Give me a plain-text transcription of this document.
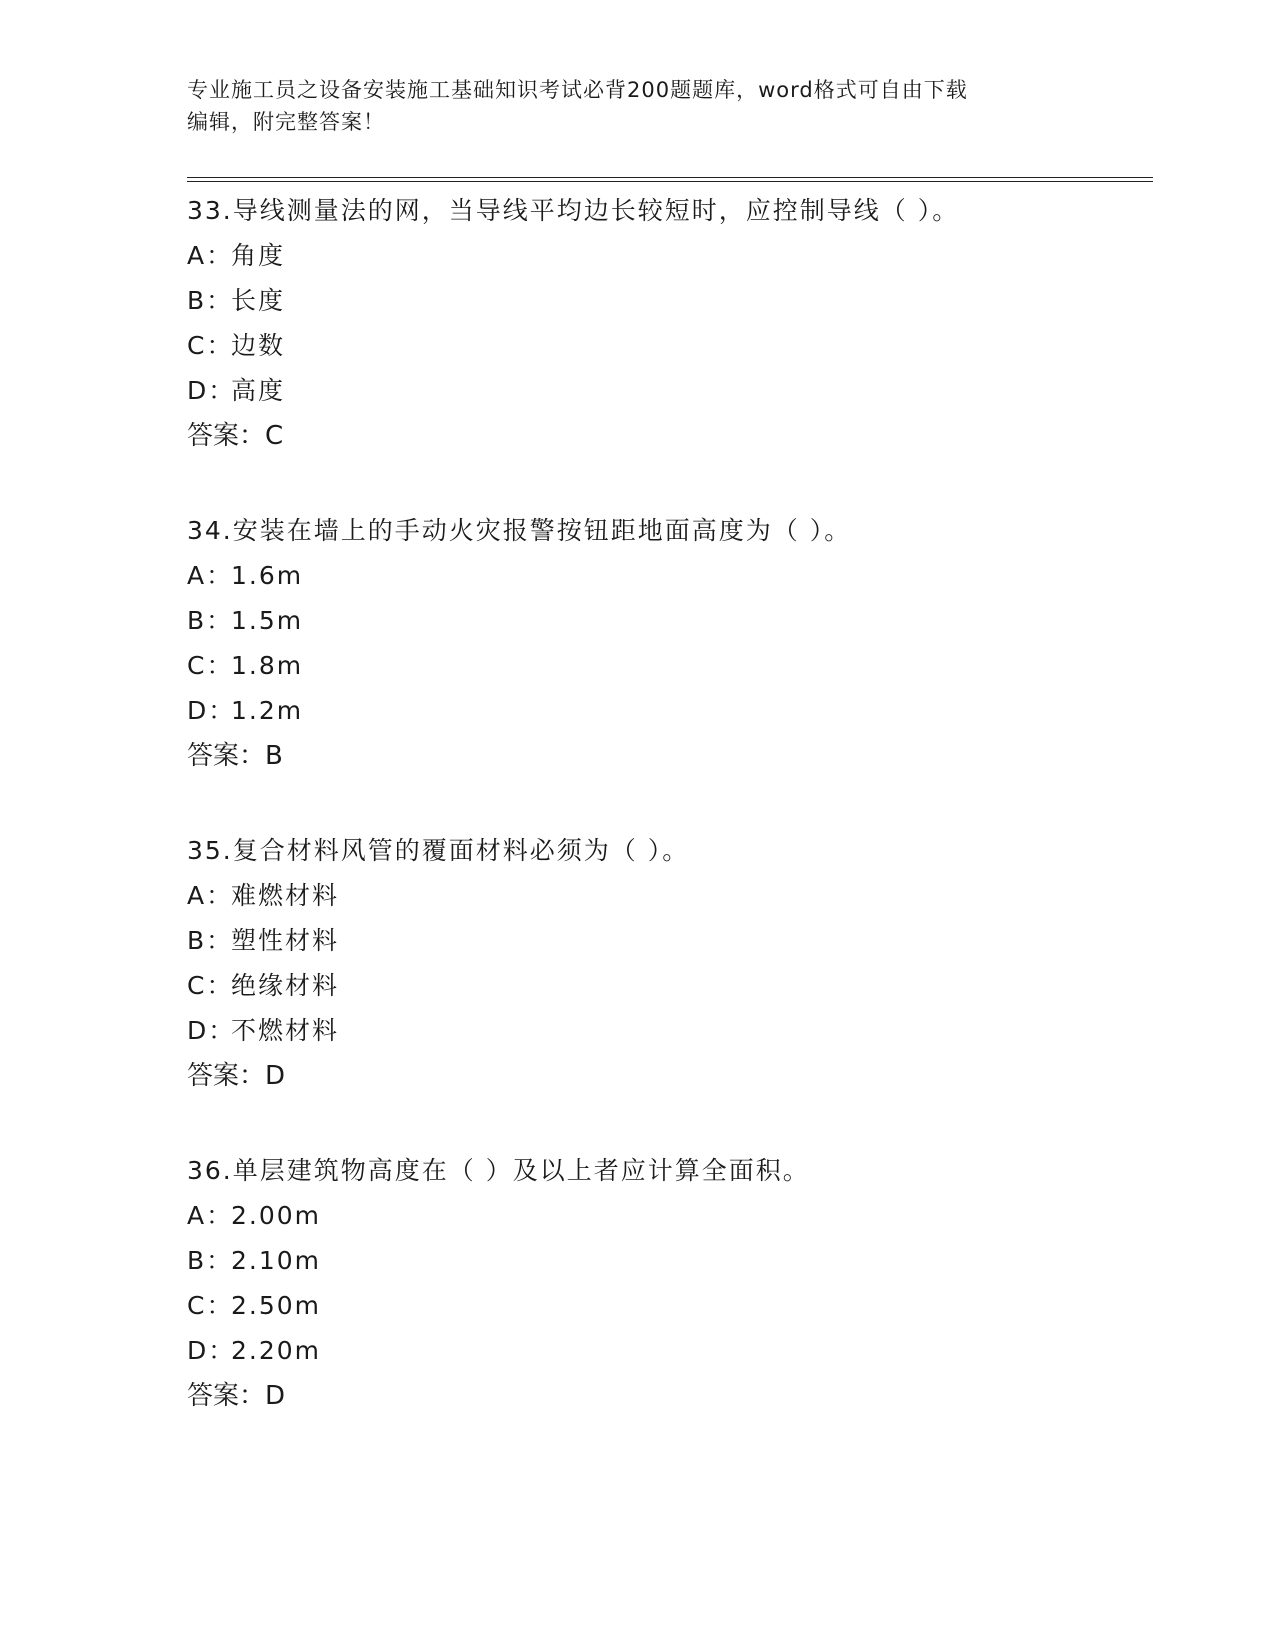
专业施工员之设备安装施工基础知识考试必背200题题库，word格式可自由下载
编辑，附完整答案！
33.导线测量法的网，当导线平均边长较短时，应控制导线（ ）。
A：角度
B：长度
C：边数
D：高度
答案：C
34.安装在墙上的手动火灾报警按钮距地面高度为（ ）。
A：1.6m
B：1.5m
C：1.8m
D：1.2m
答案：B
35.复合材料风管的覆面材料必须为（ ）。
A：难燃材料
B：塑性材料
C：绝缘材料
D：不燃材料
答案：D
36.单层建筑物高度在（ ）及以上者应计算全面积。
A：2.00m
B：2.10m
C：2.50m
D：2.20m
答案：D
